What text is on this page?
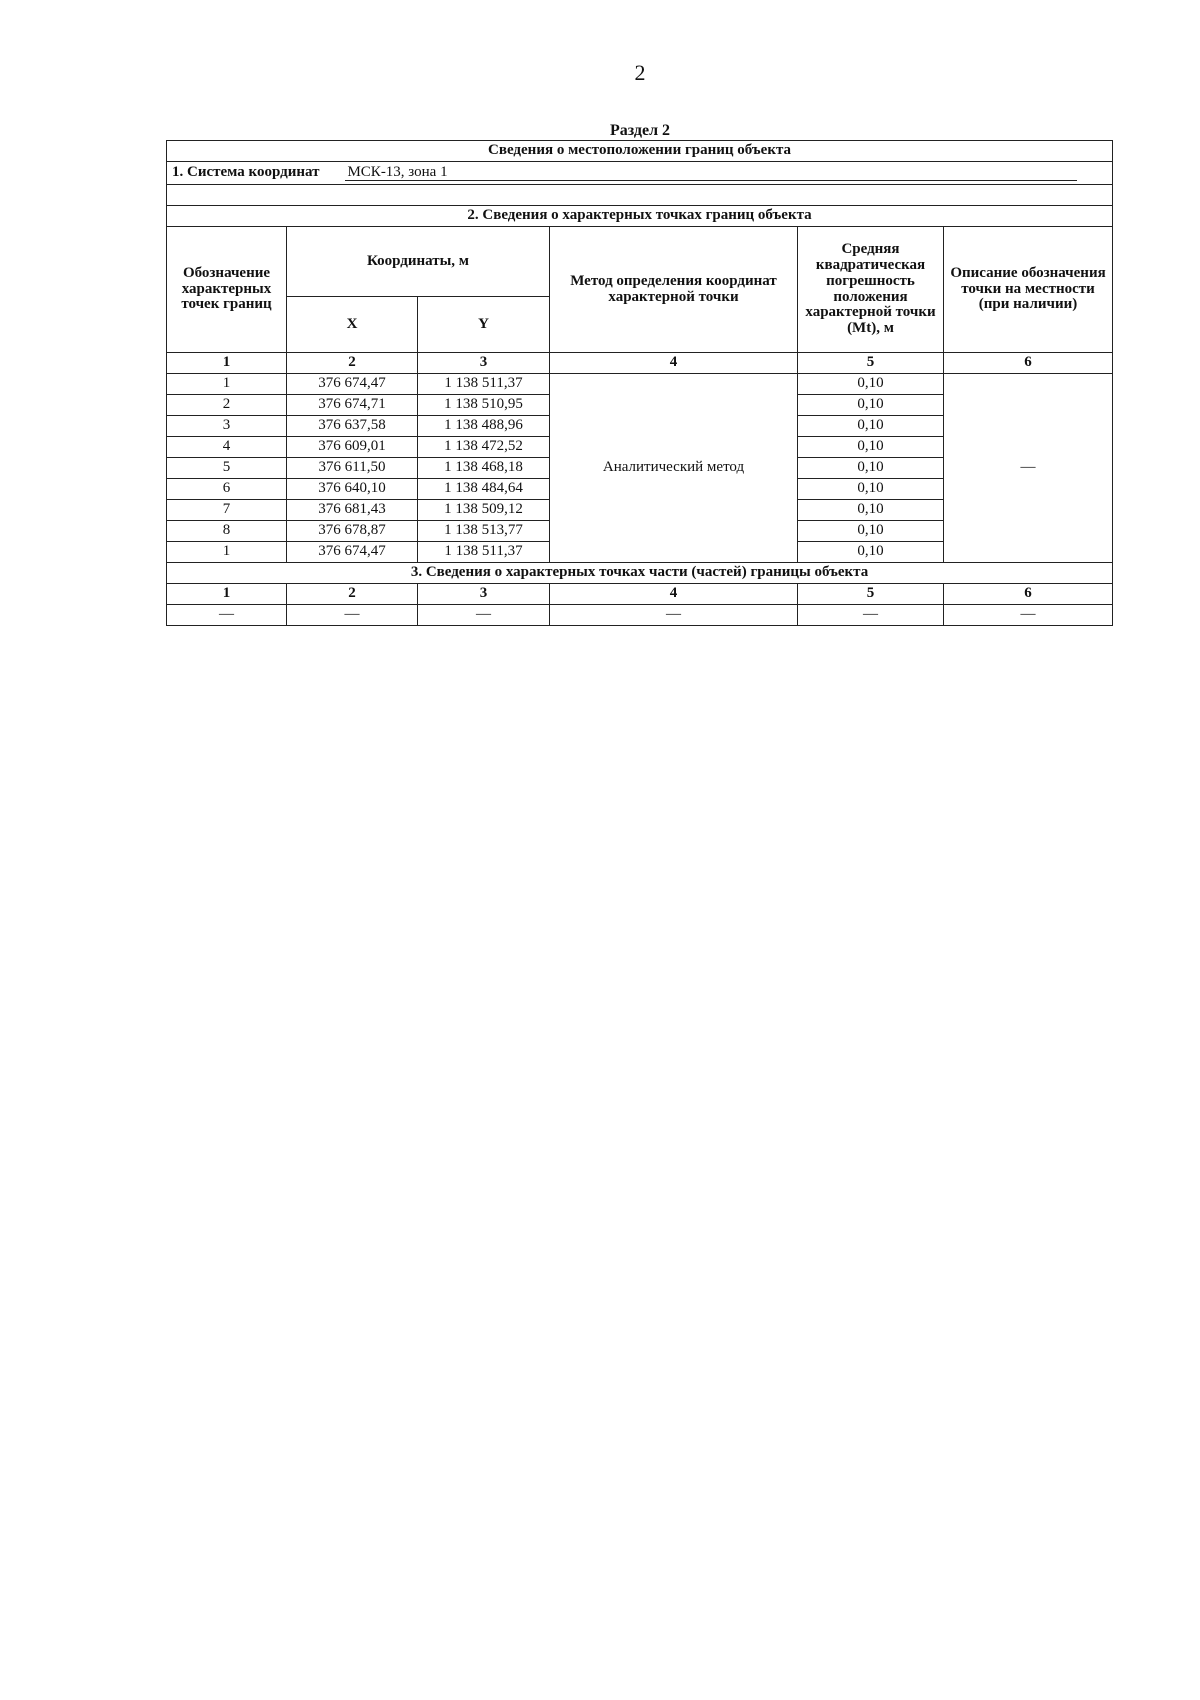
2
Раздел 2
Сведения о местоположении границ объекта					
1. Система координат МСК-13, зона 1					

2. Сведения о характерных точках границ объекта					
Обозначение характерных точек границ	Координаты, м		Метод определения координат характерной точки	Средняя квадратическая погрешность положения характерной точки (Mt), м	Описание обозначения точки на местности (при наличии)
	X	Y			
1	2	3	4	5	6
1	376 674,47	1 138 511,37	Аналитический метод	0,10	—
2	376 674,71	1 138 510,95		0,10	
3	376 637,58	1 138 488,96		0,10	
4	376 609,01	1 138 472,52		0,10	
5	376 611,50	1 138 468,18		0,10	
6	376 640,10	1 138 484,64		0,10	
7	376 681,43	1 138 509,12		0,10	
8	376 678,87	1 138 513,77		0,10	
1	376 674,47	1 138 511,37		0,10	
3. Сведения о характерных точках части (частей) границы объекта					
1	2	3	4	5	6
—	—	—	—	—	—
